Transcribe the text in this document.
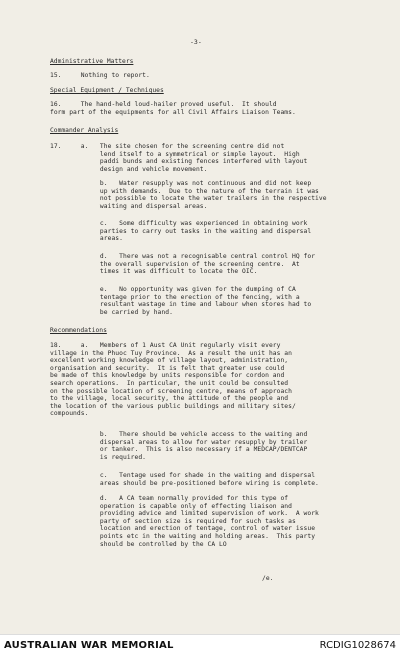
-3-
Administrative Matters
15.     Nothing to report.
Special Equipment / Techniques
16.     The hand-held loud-hailer proved useful.  It should
form part of the equipments for all Civil Affairs Liaison Teams.
Commander Analysis
17.     a.   The site chosen for the screening centre did not
lend itself to a symmetrical or simple layout.  High
paddi bunds and existing fences interfered with layout
design and vehicle movement.
b.   Water resupply was not continuous and did not keep
up with demands.  Due to the nature of the terrain it was
not possible to locate the water trailers in the respective
waiting and dispersal areas.
c.   Some difficulty was experienced in obtaining work
parties to carry out tasks in the waiting and dispersal
areas.
d.   There was not a recognisable central control HQ for
the overall supervision of the screening centre.  At
times it was difficult to locate the OIC.
e.   No opportunity was given for the dumping of CA
tentage prior to the erection of the fencing, with a
resultant wastage in time and labour when stores had to
be carried by hand.
Recommendations
18.     a.   Members of 1 Aust CA Unit regularly visit every
village in the Phuoc Tuy Province.  As a result the unit has an
excellent working knowledge of village layout, administration,
organisation and security.  It is felt that greater use could
be made of this knowledge by units responsible for cordon and
search operations.  In particular, the unit could be consulted
on the possible location of screening centre, means of approach
to the village, local security, the attitude of the people and
the location of the various public buildings and military sites/
compounds.
b.   There should be vehicle access to the waiting and
dispersal areas to allow for water resupply by trailer
or tanker.  This is also necessary if a MEDCAP/DENTCAP
is required.
c.   Tentage used for shade in the waiting and dispersal
areas should be pre-positioned before wiring is complete.
d.   A CA team normally provided for this type of
operation is capable only of effecting liaison and
providing advice and limited supervision of work.  A work
party of section size is required for such tasks as
location and erection of tentage, control of water issue
points etc in the waiting and holding areas.  This party
should be controlled by the CA LO
/e.
AUSTRALIAN WAR MEMORIAL	RCDIG1028674
